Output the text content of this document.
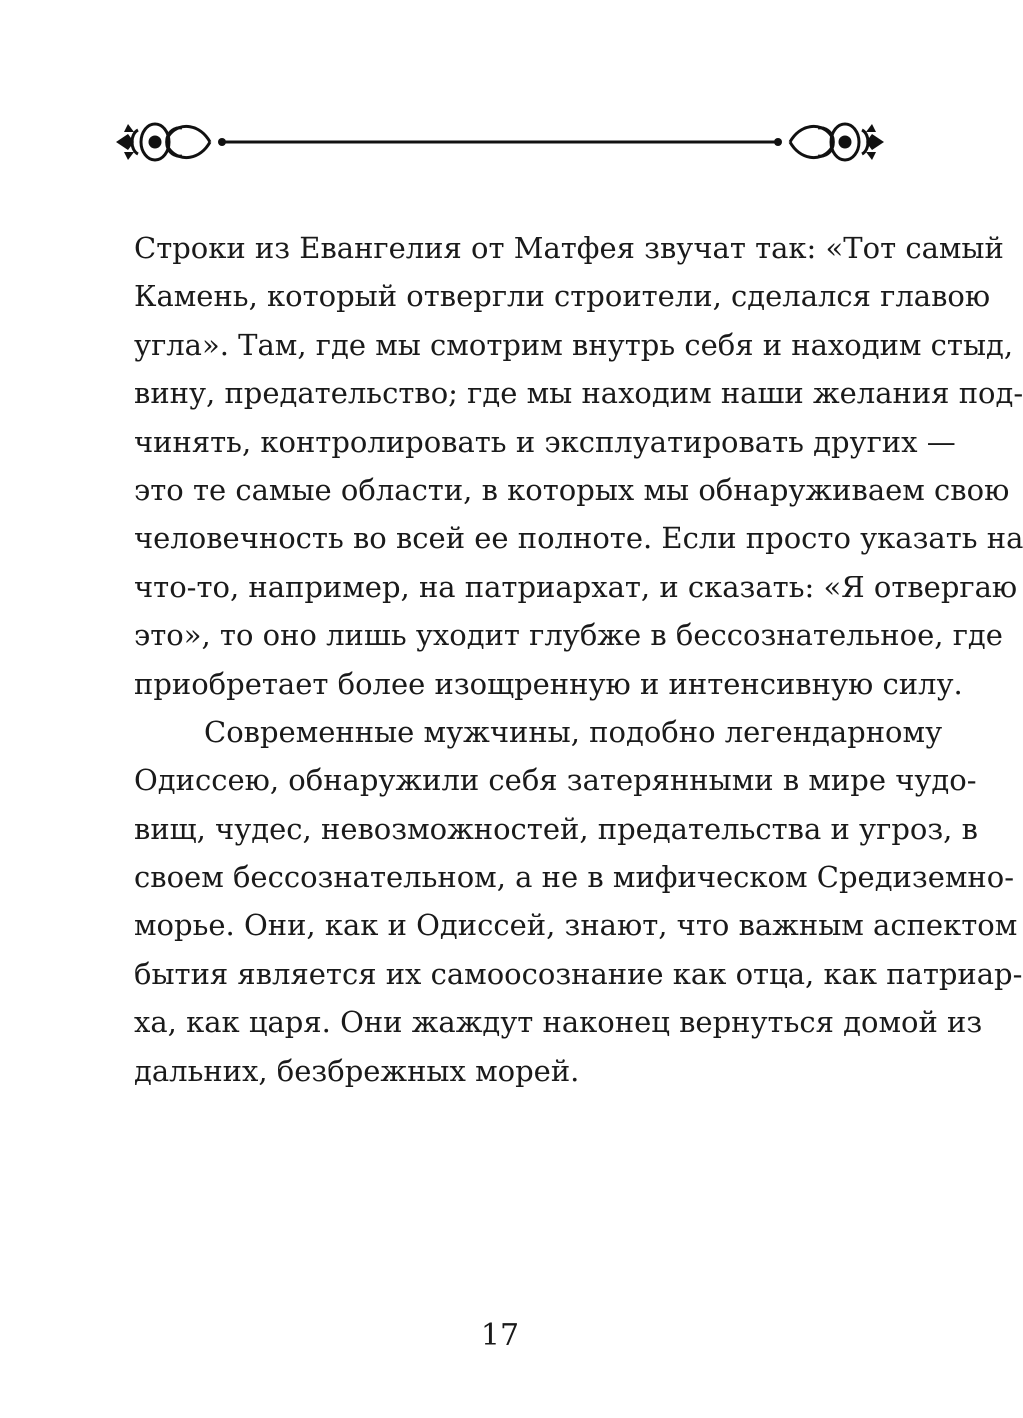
Строки из Евангелия от Матфея звучат так: «Тот самый
Камень, который отвергли строители, сделался главою
угла». Там, где мы смотрим внутрь себя и находим стыд,
вину, предательство; где мы находим наши желания под-
чинять, контролировать и эксплуатировать других —
это те самые области, в которых мы обнаруживаем свою
человечность во всей ее полноте. Если просто указать на
что-то, например, на патриархат, и сказать: «Я отвергаю
это», то оно лишь уходит глубже в бессознательное, где
приобретает более изощренную и интенсивную силу.
Современные мужчины, подобно легендарному
Одиссею, обнаружили себя затерянными в мире чудо-
вищ, чудес, невозможностей, предательства и угроз, в
своем бессознательном, а не в мифическом Средиземно-
морье. Они, как и Одиссей, знают, что важным аспектом
бытия является их самоосознание как отца, как патриар-
ха, как царя. Они жаждут наконец вернуться домой из
дальних, безбрежных морей.
17
